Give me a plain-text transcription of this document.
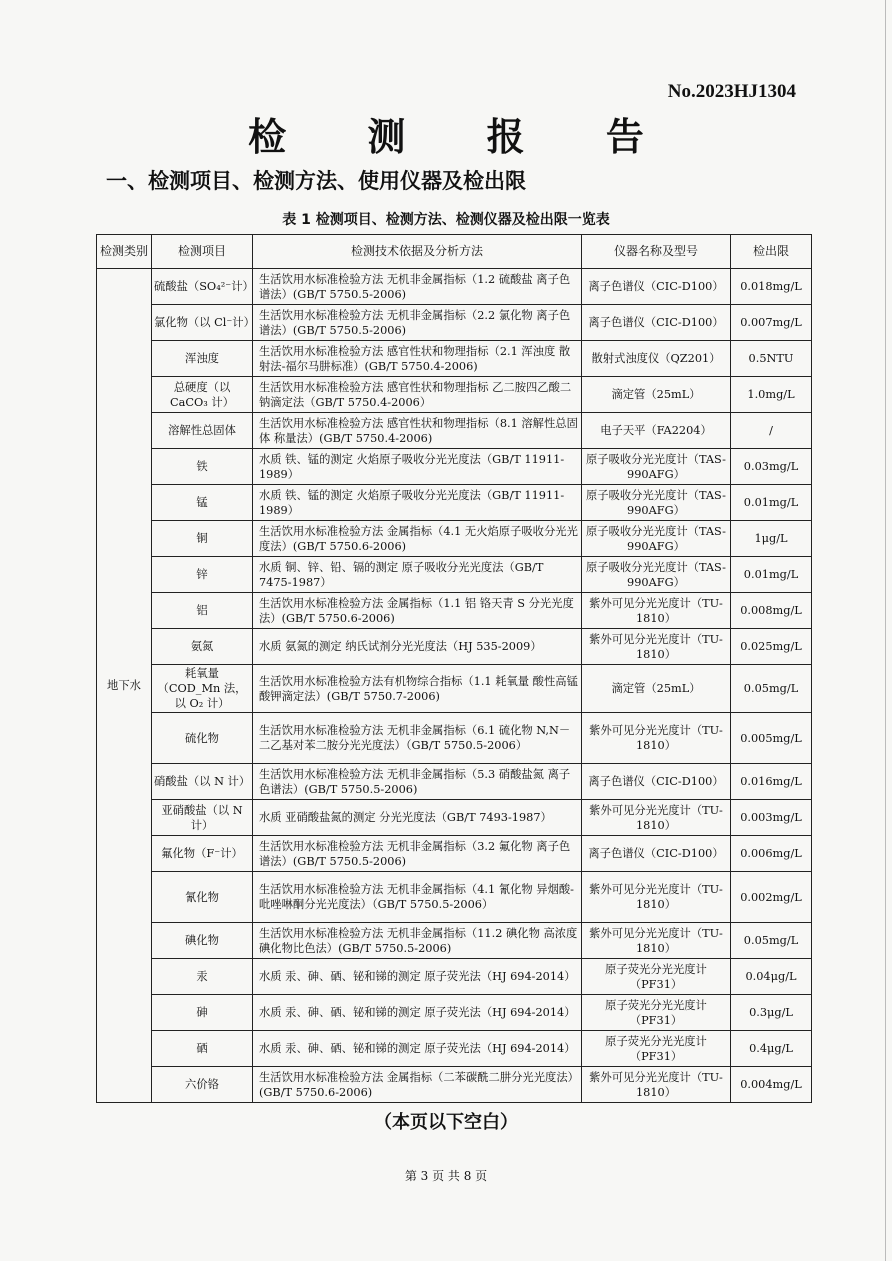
No.2023HJ1304
检 测 报 告
一、检测项目、检测方法、使用仪器及检出限
表 1 检测项目、检测方法、检测仪器及检出限一览表
检测类别	检测项目	检测技术依据及分析方法	仪器名称及型号	检出限
地下水	硫酸盐（SO₄²⁻计）	生活饮用水标准检验方法 无机非金属指标（1.2 硫酸盐 离子色谱法）(GB/T 5750.5-2006)	离子色谱仪（CIC-D100）	0.018mg/L
	氯化物（以 Cl⁻计）	生活饮用水标准检验方法 无机非金属指标（2.2 氯化物 离子色谱法）(GB/T 5750.5-2006)	离子色谱仪（CIC-D100）	0.007mg/L
	浑浊度	生活饮用水标准检验方法 感官性状和物理指标（2.1 浑浊度 散射法-福尔马肼标准）(GB/T 5750.4-2006)	散射式浊度仪（QZ201）	0.5NTU
	总硬度（以 CaCO₃ 计）	生活饮用水标准检验方法 感官性状和物理指标 乙二胺四乙酸二钠滴定法（GB/T 5750.4-2006）	滴定管（25mL）	1.0mg/L
	溶解性总固体	生活饮用水标准检验方法 感官性状和物理指标（8.1 溶解性总固体 称量法）(GB/T 5750.4-2006)	电子天平（FA2204）	/
	铁	水质 铁、锰的测定 火焰原子吸收分光光度法（GB/T 11911-1989）	原子吸收分光光度计（TAS-990AFG）	0.03mg/L
	锰	水质 铁、锰的测定 火焰原子吸收分光光度法（GB/T 11911-1989）	原子吸收分光光度计（TAS-990AFG）	0.01mg/L
	铜	生活饮用水标准检验方法 金属指标（4.1 无火焰原子吸收分光光度法）(GB/T 5750.6-2006)	原子吸收分光光度计（TAS-990AFG）	1μg/L
	锌	水质 铜、锌、铅、镉的测定 原子吸收分光光度法（GB/T 7475-1987）	原子吸收分光光度计（TAS-990AFG）	0.01mg/L
	铝	生活饮用水标准检验方法 金属指标（1.1 铝 铬天青 S 分光光度法）(GB/T 5750.6-2006)	紫外可见分光光度计（TU-1810）	0.008mg/L
	氨氮	水质 氨氮的测定 纳氏试剂分光光度法（HJ 535-2009）	紫外可见分光光度计（TU-1810）	0.025mg/L
	耗氧量（COD_Mn 法，以 O₂ 计）	生活饮用水标准检验方法有机物综合指标（1.1 耗氧量 酸性高锰酸钾滴定法）(GB/T 5750.7-2006)	滴定管（25mL）	0.05mg/L
	硫化物	生活饮用水标准检验方法 无机非金属指标（6.1 硫化物 N,N－二乙基对苯二胺分光光度法）（GB/T 5750.5-2006）	紫外可见分光光度计（TU-1810）	0.005mg/L
	硝酸盐（以 N 计）	生活饮用水标准检验方法 无机非金属指标（5.3 硝酸盐氮 离子色谱法）(GB/T 5750.5-2006)	离子色谱仪（CIC-D100）	0.016mg/L
	亚硝酸盐（以 N 计）	水质 亚硝酸盐氮的测定 分光光度法（GB/T 7493-1987）	紫外可见分光光度计（TU-1810）	0.003mg/L
	氟化物（F⁻计）	生活饮用水标准检验方法 无机非金属指标（3.2 氟化物 离子色谱法）(GB/T 5750.5-2006)	离子色谱仪（CIC-D100）	0.006mg/L
	氰化物	生活饮用水标准检验方法 无机非金属指标（4.1 氰化物 异烟酸-吡唑啉酮分光光度法）（GB/T 5750.5-2006）	紫外可见分光光度计（TU-1810）	0.002mg/L
	碘化物	生活饮用水标准检验方法 无机非金属指标（11.2 碘化物 高浓度碘化物比色法）(GB/T 5750.5-2006)	紫外可见分光光度计（TU-1810）	0.05mg/L
	汞	水质 汞、砷、硒、铋和锑的测定 原子荧光法（HJ 694-2014）	原子荧光分光光度计（PF31）	0.04μg/L
	砷	水质 汞、砷、硒、铋和锑的测定 原子荧光法（HJ 694-2014）	原子荧光分光光度计（PF31）	0.3μg/L
	硒	水质 汞、砷、硒、铋和锑的测定 原子荧光法（HJ 694-2014）	原子荧光分光光度计（PF31）	0.4μg/L
	六价铬	生活饮用水标准检验方法 金属指标（二苯碳酰二肼分光光度法）(GB/T 5750.6-2006)	紫外可见分光光度计（TU-1810）	0.004mg/L
（本页以下空白）
第 3 页 共 8 页
